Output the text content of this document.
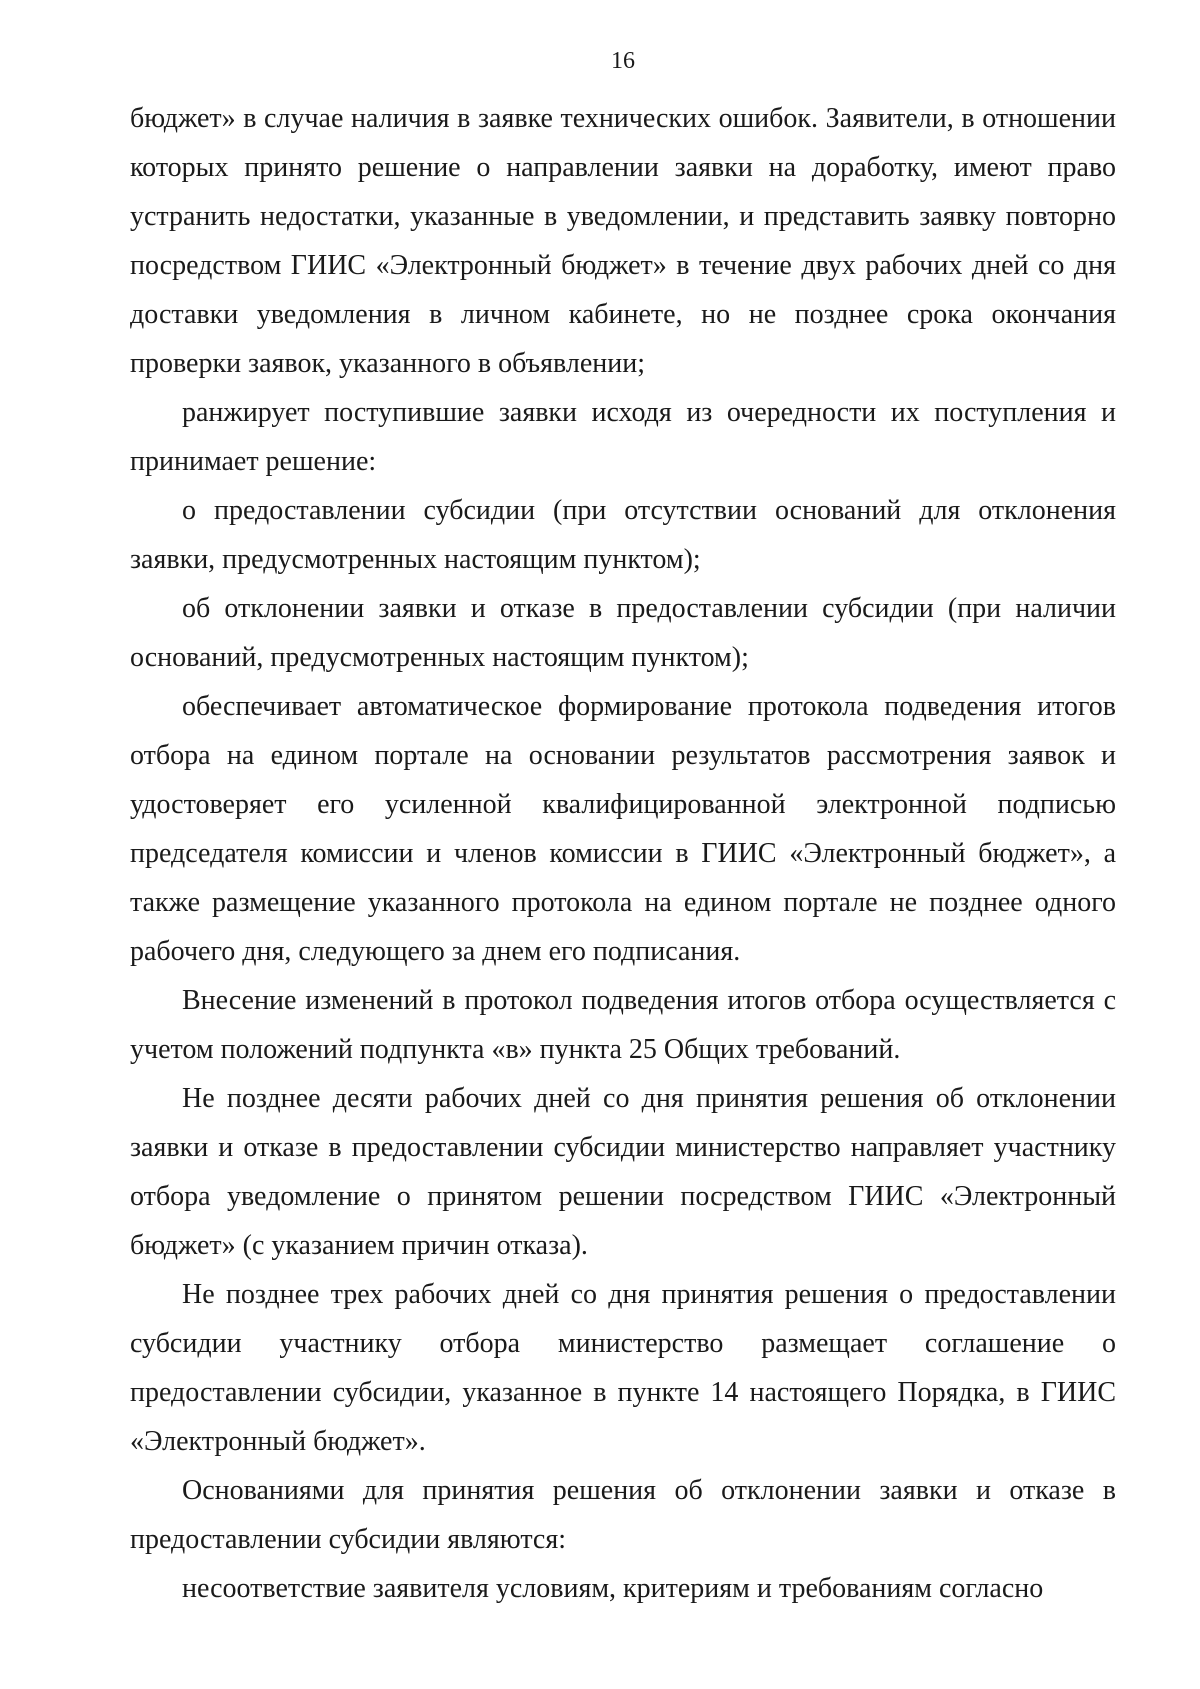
16

бюджет» в случае наличия в заявке технических ошибок. Заявители, в отношении которых принято решение о направлении заявки на доработку, имеют право устранить недостатки, указанные в уведомлении, и представить заявку повторно посредством ГИИС «Электронный бюджет» в течение двух рабочих дней со дня доставки уведомления в личном кабинете, но не позднее срока окончания проверки заявок, указанного в объявлении;

ранжирует поступившие заявки исходя из очередности их поступления и принимает решение:

о предоставлении субсидии (при отсутствии оснований для отклонения заявки, предусмотренных настоящим пунктом);

об отклонении заявки и отказе в предоставлении субсидии (при наличии оснований, предусмотренных настоящим пунктом);

обеспечивает автоматическое формирование протокола подведения итогов отбора на едином портале на основании результатов рассмотрения заявок и удостоверяет его усиленной квалифицированной электронной подписью председателя комиссии и членов комиссии в ГИИС «Электронный бюджет», а также размещение указанного протокола на едином портале не позднее одного рабочего дня, следующего за днем его подписания.

Внесение изменений в протокол подведения итогов отбора осуществляется с учетом положений подпункта «в» пункта 25 Общих требований.

Не позднее десяти рабочих дней со дня принятия решения об отклонении заявки и отказе в предоставлении субсидии министерство направляет участнику отбора уведомление о принятом решении посредством ГИИС «Электронный бюджет» (с указанием причин отказа).

Не позднее трех рабочих дней со дня принятия решения о предоставлении субсидии участнику отбора министерство размещает соглашение о предоставлении субсидии, указанное в пункте 14 настоящего Порядка, в ГИИС «Электронный бюджет».

Основаниями для принятия решения об отклонении заявки и отказе в предоставлении субсидии являются:

несоответствие заявителя условиям, критериям и требованиям согласно
